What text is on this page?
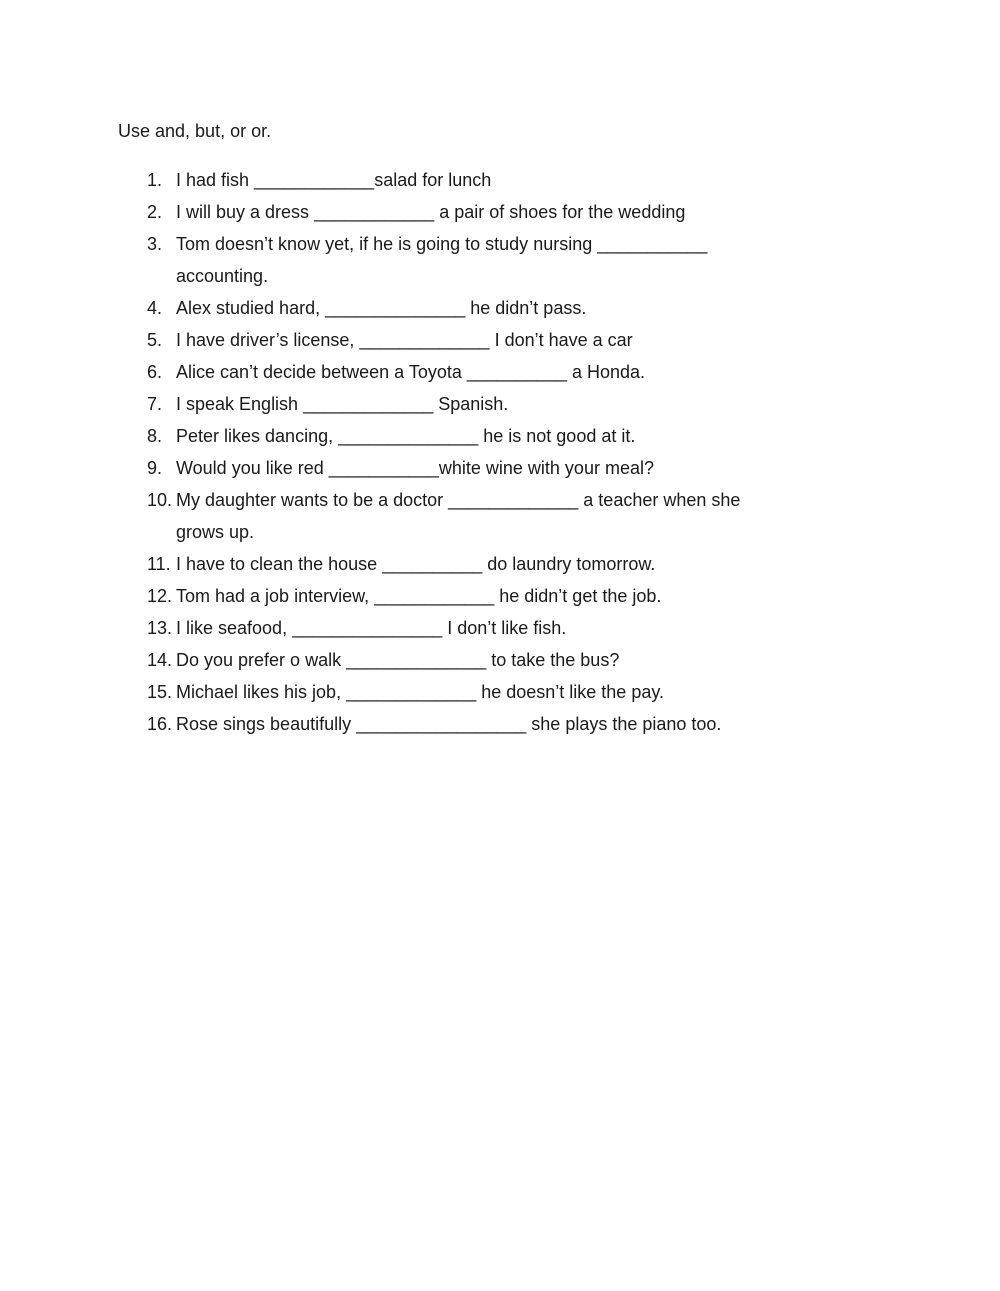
Use and, but, or or.
1. I had fish ____________salad for lunch
2. I will buy a dress ____________ a pair of shoes for the wedding
3. Tom doesn’t know yet, if he is going to study nursing ___________
accounting.
4. Alex studied hard, ______________ he didn’t pass.
5. I have driver’s license, _____________ I don’t have a car
6. Alice can’t decide between a Toyota __________ a Honda.
7. I speak English _____________ Spanish.
8. Peter likes dancing, ______________ he is not good at it.
9. Would you like red ___________white wine with your meal?
10. My daughter wants to be a doctor _____________ a teacher when she
grows up.
11. I have to clean the house __________ do laundry tomorrow.
12. Tom had a job interview, ____________ he didn’t get the job.
13. I like seafood, _______________ I don’t like fish.
14. Do you prefer o walk ______________ to take the bus?
15. Michael likes his job, _____________ he doesn’t like the pay.
16. Rose sings beautifully _________________ she plays the piano too.
